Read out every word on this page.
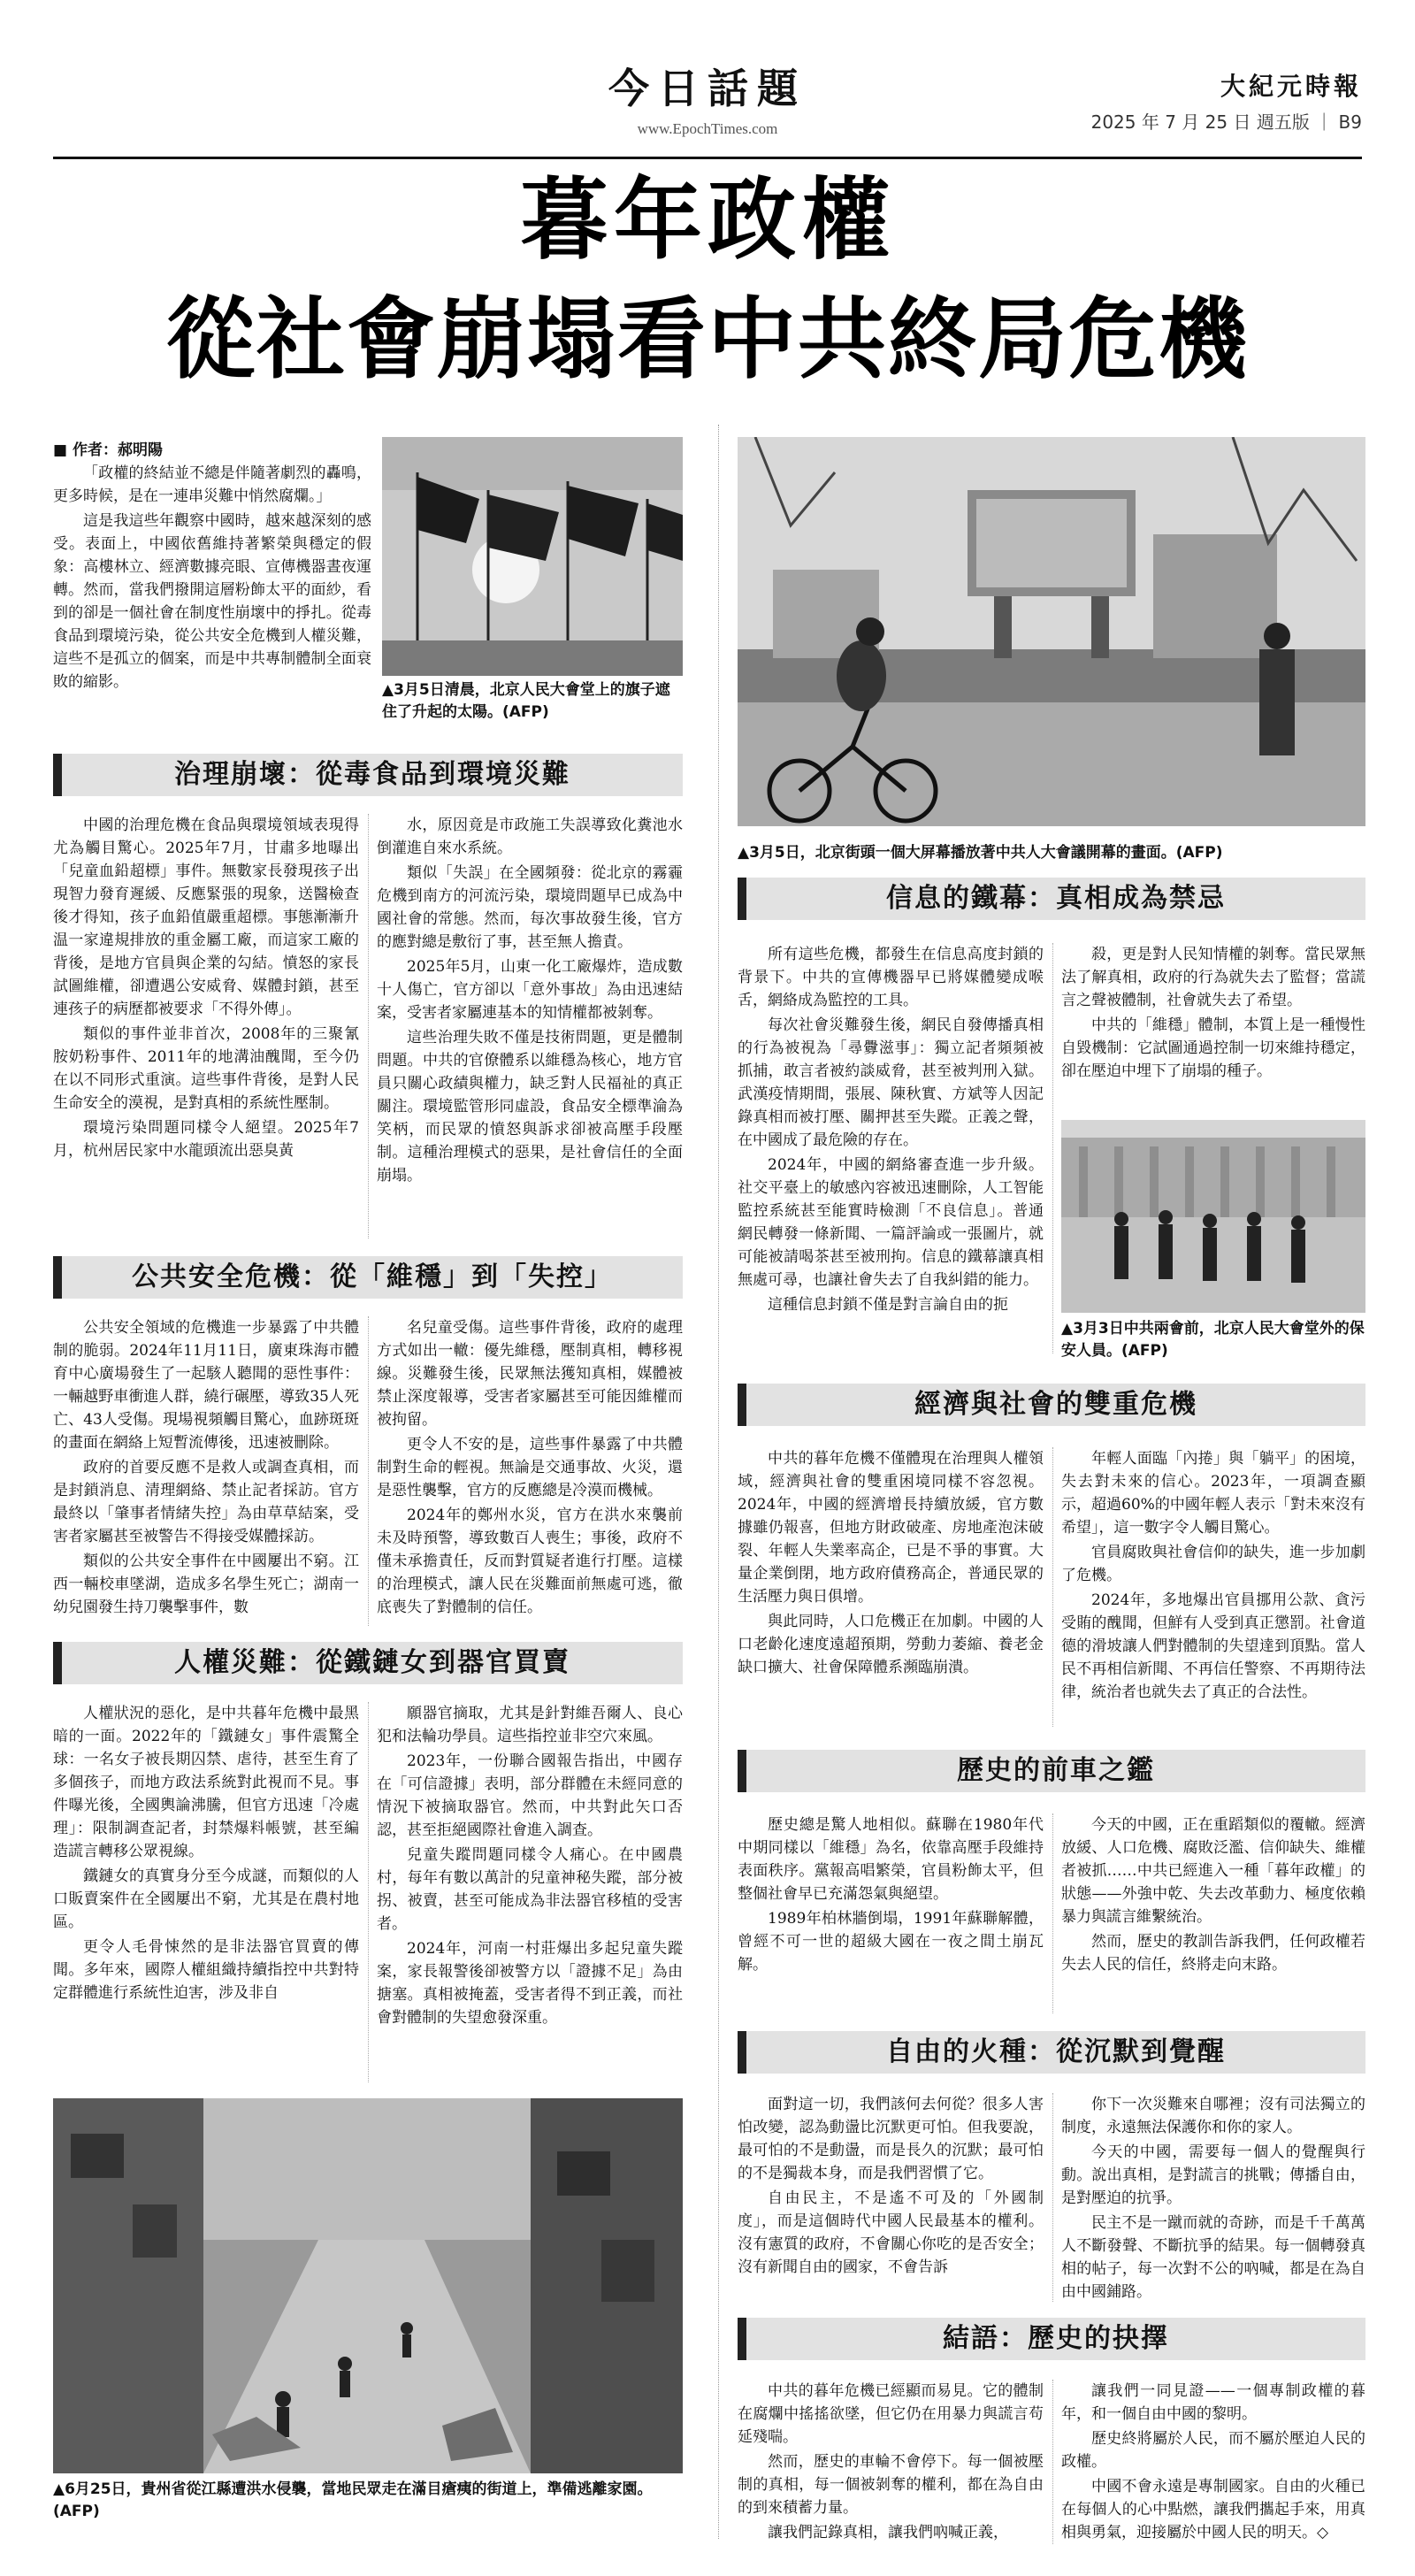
今日話題
www.EpochTimes.com
大紀元時報
2025 年 7 月 25 日 週五版 ｜ B9
暮年政權
從社會崩塌看中共終局危機
■ 作者：郝明陽

「政權的終結並不總是伴隨著劇烈的轟鳴，更多時候，是在一連串災難中悄然腐爛。」

這是我這些年觀察中國時，越來越深刻的感受。表面上，中國依舊維持著繁榮與穩定的假象：高樓林立、經濟數據亮眼、宣傳機器晝夜運轉。然而，當我們撥開這層粉飾太平的面紗，看到的卻是一個社會在制度性崩壞中的掙扎。從毒食品到環境污染，從公共安全危機到人權災難，這些不是孤立的個案，而是中共專制體制全面衰敗的縮影。	▲3月5日清晨，北京人民大會堂上的旗子遮住了升起的太陽。(AFP)
治理崩壞：從毒食品到環境災難

中國的治理危機在食品與環境領域表現得尤為觸目驚心。2025年7月，甘肅多地曝出「兒童血鉛超標」事件。無數家長發現孩子出現智力發育遲緩、反應緊張的現象，送醫檢查後才得知，孩子血鉛值嚴重超標。事態漸漸升温一家違規排放的重金屬工廠，而這家工廠的背後，是地方官員與企業的勾結。憤怒的家長試圖維權，卻遭遇公安威脅、媒體封鎖，甚至連孩子的病歷都被要求「不得外傳」。

類似的事件並非首次，2008年的三聚氰胺奶粉事件、2011年的地溝油醜聞，至今仍在以不同形式重演。這些事件背後，是對人民生命安全的漠視，是對真相的系統性壓制。

環境污染問題同樣令人絕望。2025年7月，杭州居民家中水龍頭流出惡臭黃

水，原因竟是市政施工失誤導致化糞池水倒灌進自來水系統。

類似「失誤」在全國頻發：從北京的霧霾危機到南方的河流污染，環境問題早已成為中國社會的常態。然而，每次事故發生後，官方的應對總是敷衍了事，甚至無人擔責。

2025年5月，山東一化工廠爆炸，造成數十人傷亡，官方卻以「意外事故」為由迅速結案，受害者家屬連基本的知情權都被剝奪。

這些治理失敗不僅是技術問題，更是體制問題。中共的官僚體系以維穩為核心，地方官員只關心政績與權力，缺乏對人民福祉的真正關注。環境監管形同虛設，食品安全標準淪為笑柄，而民眾的憤怒與訴求卻被高壓手段壓制。這種治理模式的惡果，是社會信任的全面崩塌。

公共安全危機：從「維穩」到「失控」

公共安全領域的危機進一步暴露了中共體制的脆弱。2024年11月11日，廣東珠海市體育中心廣場發生了一起駭人聽聞的惡性事件：一輛越野車衝進人群，繞行碾壓，導致35人死亡、43人受傷。現場視頻觸目驚心，血跡斑斑的畫面在網絡上短暫流傳後，迅速被刪除。

政府的首要反應不是救人或調查真相，而是封鎖消息、清理網絡、禁止記者採訪。官方最終以「肇事者情緒失控」為由草草結案，受害者家屬甚至被警告不得接受媒體採訪。

類似的公共安全事件在中國屢出不窮。江西一輛校車墜湖，造成多名學生死亡；湖南一幼兒園發生持刀襲擊事件，數

名兒童受傷。這些事件背後，政府的處理方式如出一轍：優先維穩，壓制真相，轉移視線。災難發生後，民眾無法獲知真相，媒體被禁止深度報導，受害者家屬甚至可能因維權而被拘留。

更令人不安的是，這些事件暴露了中共體制對生命的輕視。無論是交通事故、火災，還是惡性襲擊，官方的反應總是冷漠而機械。

2024年的鄭州水災，官方在洪水來襲前未及時預警，導致數百人喪生；事後，政府不僅未承擔責任，反而對質疑者進行打壓。這樣的治理模式，讓人民在災難面前無處可逃，徹底喪失了對體制的信任。

人權災難：從鐵鏈女到器官買賣

人權狀況的惡化，是中共暮年危機中最黑暗的一面。2022年的「鐵鏈女」事件震驚全球：一名女子被長期囚禁、虐待，甚至生育了多個孩子，而地方政法系統對此視而不見。事件曝光後，全國輿論沸騰，但官方迅速「冷處理」：限制調查記者，封禁爆料帳號，甚至編造謊言轉移公眾視線。

鐵鏈女的真實身分至今成謎，而類似的人口販賣案件在全國屢出不窮，尤其是在農村地區。

更令人毛骨悚然的是非法器官買賣的傳聞。多年來，國際人權組織持續指控中共對特定群體進行系統性迫害，涉及非自

願器官摘取，尤其是針對維吾爾人、良心犯和法輪功學員。這些指控並非空穴來風。

2023年，一份聯合國報告指出，中國存在「可信證據」表明，部分群體在未經同意的情況下被摘取器官。然而，中共對此矢口否認，甚至拒絕國際社會進入調查。

兒童失蹤問題同樣令人痛心。在中國農村，每年有數以萬計的兒童神秘失蹤，部分被拐、被賣，甚至可能成為非法器官移植的受害者。

2024年，河南一村莊爆出多起兒童失蹤案，家長報警後卻被警方以「證據不足」為由搪塞。真相被掩蓋，受害者得不到正義，而社會對體制的失望愈發深重。

▲6月25日，貴州省從江縣遭洪水侵襲，當地民眾走在滿目瘡痍的街道上，準備逃離家園。(AFP)
▲3月5日，北京街頭一個大屏幕播放著中共人大會議開幕的畫面。(AFP)
信息的鐵幕：真相成為禁忌

所有這些危機，都發生在信息高度封鎖的背景下。中共的宣傳機器早已將媒體變成喉舌，網絡成為監控的工具。

每次社會災難發生後，網民自發傳播真相的行為被視為「尋釁滋事」：獨立記者頻頻被抓捕，敢言者被約談威脅，甚至被判刑入獄。武漢疫情期間，張展、陳秋實、方斌等人因記錄真相而被打壓、關押甚至失蹤。正義之聲，在中國成了最危險的存在。

2024年，中國的網絡審查進一步升級。社交平臺上的敏感內容被迅速刪除，人工智能監控系統甚至能實時檢測「不良信息」。普通網民轉發一條新聞、一篇評論或一張圖片，就可能被請喝茶甚至被刑拘。信息的鐵幕讓真相無處可尋，也讓社會失去了自我糾錯的能力。

這種信息封鎖不僅是對言論自由的扼

殺，更是對人民知情權的剝奪。當民眾無法了解真相，政府的行為就失去了監督；當謊言之聲被體制，社會就失去了希望。

中共的「維穩」體制，本質上是一種慢性自毀機制：它試圖通過控制一切來維持穩定，卻在壓迫中埋下了崩塌的種子。

▲3月3日中共兩會前，北京人民大會堂外的保安人員。(AFP)
經濟與社會的雙重危機

中共的暮年危機不僅體現在治理與人權領域，經濟與社會的雙重困境同樣不容忽視。2024年，中國的經濟增長持續放緩，官方數據雖仍報喜，但地方財政破產、房地產泡沫破裂、年輕人失業率高企，已是不爭的事實。大量企業倒閉，地方政府債務高企，普通民眾的生活壓力與日俱增。

與此同時，人口危機正在加劇。中國的人口老齡化速度遠超預期，勞動力萎縮、養老金缺口擴大、社會保障體系瀕臨崩潰。

年輕人面臨「內捲」與「躺平」的困境，失去對未來的信心。2023年，一項調查顯示，超過60%的中國年輕人表示「對未來沒有希望」，這一數字令人觸目驚心。

官員腐敗與社會信仰的缺失，進一步加劇了危機。

2024年，多地爆出官員挪用公款、貪污受賄的醜聞，但鮮有人受到真正懲罰。社會道德的滑坡讓人們對體制的失望達到頂點。當人民不再相信新聞、不再信任警察、不再期待法律，統治者也就失去了真正的合法性。

歷史的前車之鑑

歷史總是驚人地相似。蘇聯在1980年代中期同樣以「維穩」為名，依靠高壓手段維持表面秩序。黨報高唱繁榮，官員粉飾太平，但整個社會早已充滿怨氣與絕望。

1989年柏林牆倒塌，1991年蘇聯解體，曾經不可一世的超級大國在一夜之間土崩瓦解。

今天的中國，正在重蹈類似的覆轍。經濟放緩、人口危機、腐敗泛濫、信仰缺失、維權者被抓……中共已經進入一種「暮年政權」的狀態——外強中乾、失去改革動力、極度依賴暴力與謊言維繫統治。

然而，歷史的教訓告訴我們，任何政權若失去人民的信任，終將走向末路。

自由的火種：從沉默到覺醒

面對這一切，我們該何去何從？很多人害怕改變，認為動盪比沉默更可怕。但我要說，最可怕的不是動盪，而是長久的沉默；最可怕的不是獨裁本身，而是我們習慣了它。

自由民主，不是遙不可及的「外國制度」，而是這個時代中國人民最基本的權利。沒有憲質的政府，不會關心你吃的是否安全；沒有新聞自由的國家，不會告訴

你下一次災難來自哪裡；沒有司法獨立的制度，永遠無法保護你和你的家人。

今天的中國，需要每一個人的覺醒與行動。說出真相，是對謊言的挑戰；傳播自由，是對壓迫的抗爭。

民主不是一蹴而就的奇跡，而是千千萬萬人不斷發聲、不斷抗爭的結果。每一個轉發真相的帖子，每一次對不公的吶喊，都是在為自由中國鋪路。

結語：歷史的抉擇

中共的暮年危機已經顯而易見。它的體制在腐爛中搖搖欲墜，但它仍在用暴力與謊言苟延殘喘。

然而，歷史的車輪不會停下。每一個被壓制的真相，每一個被剝奪的權利，都在為自由的到來積蓄力量。

讓我們記錄真相，讓我們吶喊正義，

讓我們一同見證——一個專制政權的暮年，和一個自由中國的黎明。

歷史終將屬於人民，而不屬於壓迫人民的政權。

中國不會永遠是專制國家。自由的火種已在每個人的心中點燃，讓我們攜起手來，用真相與勇氣，迎接屬於中國人民的明天。◇
